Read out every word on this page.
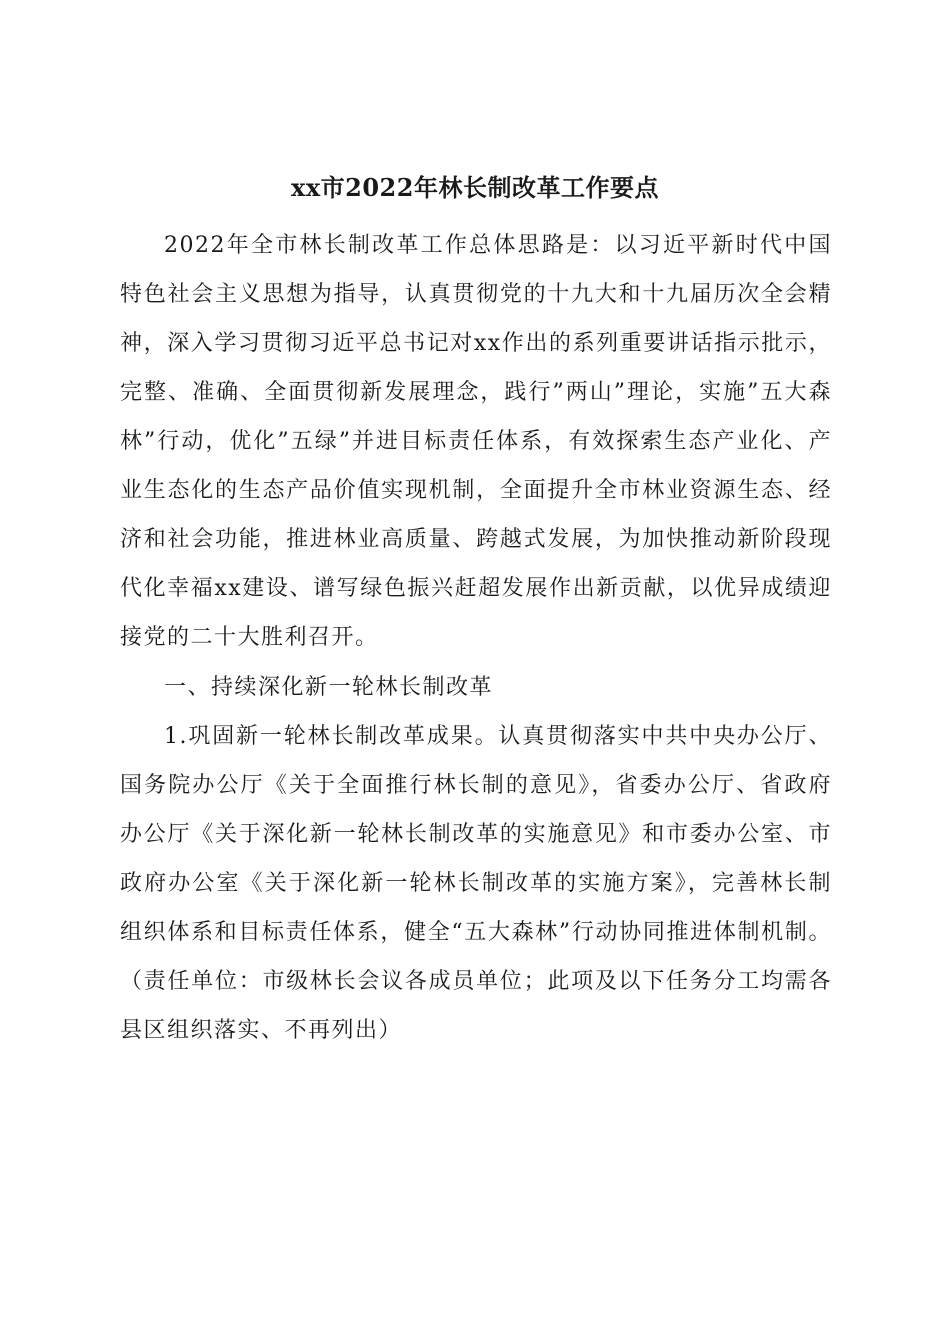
xx市2022年林长制改革工作要点

2022年全市林长制改革工作总体思路是：以习近平新时代中国特色社会主义思想为指导，认真贯彻党的十九大和十九届历次全会精神，深入学习贯彻习近平总书记对xx作出的系列重要讲话指示批示，完整、准确、全面贯彻新发展理念，践行”两山”理论，实施”五大森林”行动，优化”五绿”并进目标责任体系，有效探索生态产业化、产业生态化的生态产品价值实现机制，全面提升全市林业资源生态、经济和社会功能，推进林业高质量、跨越式发展，为加快推动新阶段现代化幸福xx建设、谱写绿色振兴赶超发展作出新贡献，以优异成绩迎接党的二十大胜利召开。

一、持续深化新一轮林长制改革

1.巩固新一轮林长制改革成果。认真贯彻落实中共中央办公厅、国务院办公厅《关于全面推行林长制的意见》，省委办公厅、省政府办公厅《关于深化新一轮林长制改革的实施意见》和市委办公室、市政府办公室《关于深化新一轮林长制改革的实施方案》，完善林长制组织体系和目标责任体系，健全“五大森林”行动协同推进体制机制。（责任单位：市级林长会议各成员单位；此项及以下任务分工均需各县区组织落实、不再列出）
